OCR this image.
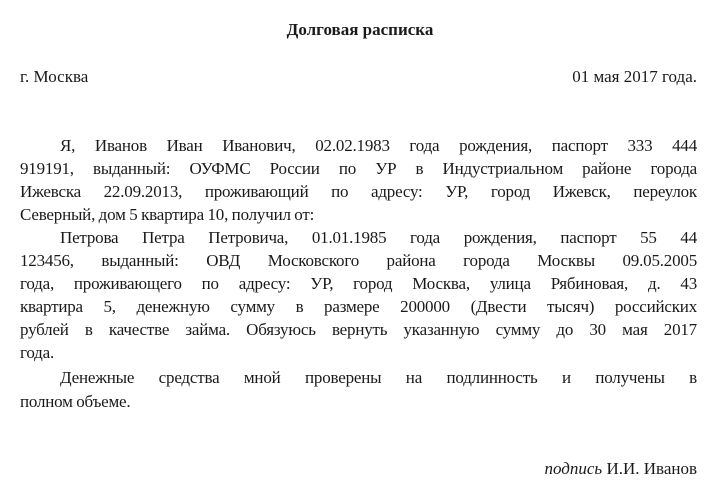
Долговая расписка
г. Москва	01 мая 2017 года.
Я, Иванов Иван Иванович, 02.02.1983 года рождения, паспорт 333 444
919191, выданный: ОУФМС России по УР в Индустриальном районе города
Ижевска 22.09.2013, проживающий по адресу: УР, город Ижевск, переулок
Северный, дом 5 квартира 10, получил от:
Петрова Петра Петровича, 01.01.1985 года рождения, паспорт 55 44
123456, выданный: ОВД Московского района города Москвы 09.05.2005
года, проживающего по адресу: УР, город Москва, улица Рябиновая, д. 43
квартира 5, денежную сумму в размере 200000 (Двести тысяч) российских
рублей в качестве займа. Обязуюсь вернуть указанную сумму до 30 мая 2017
года.
Денежные средства мной проверены на подлинность и получены в
полном объеме.
подпись И.И. Иванов
